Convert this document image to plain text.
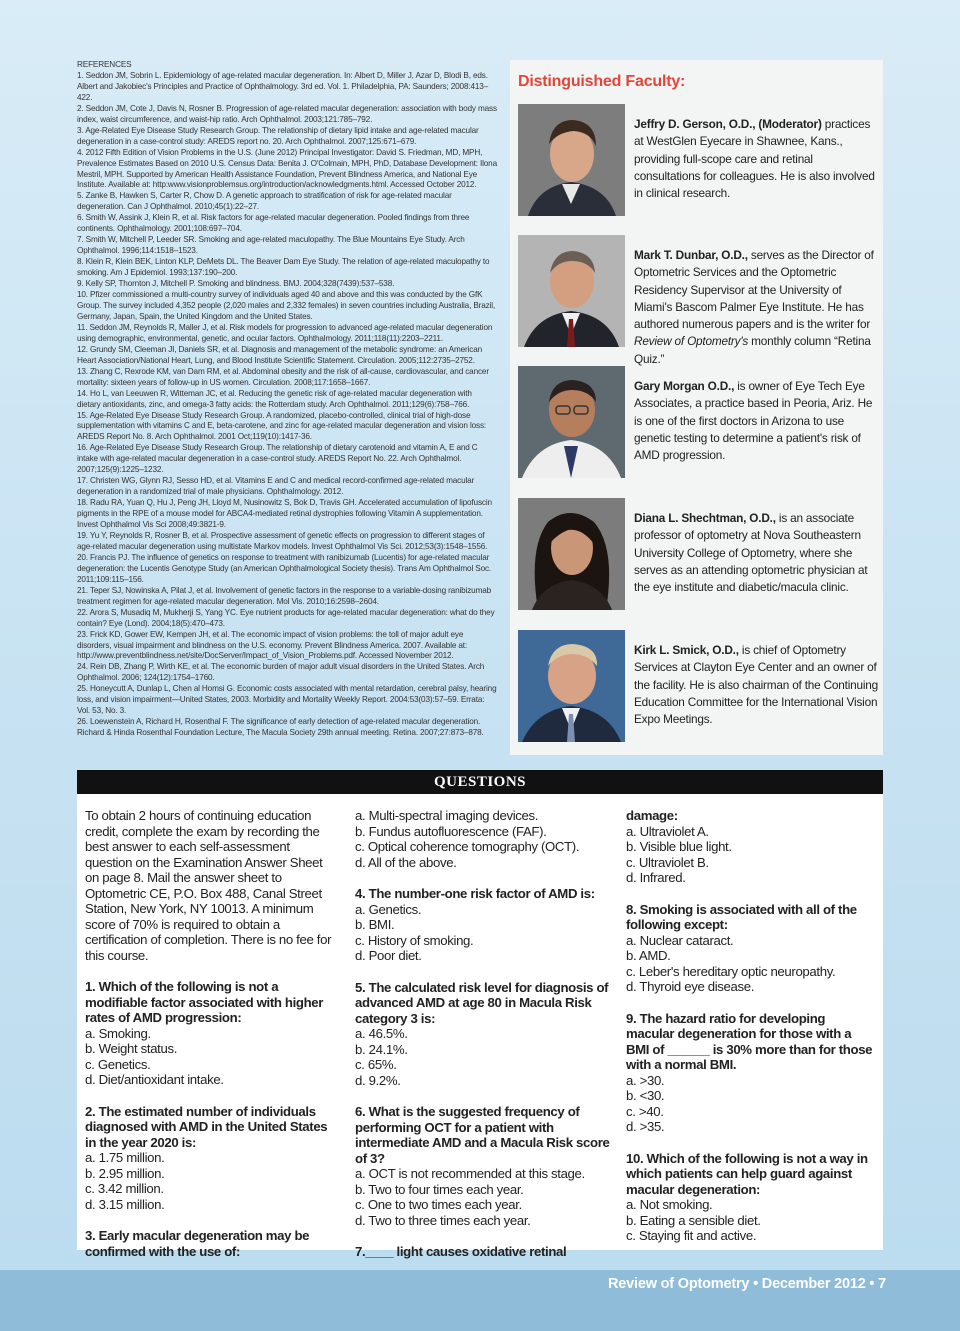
REFERENCES

1. Seddon JM, Sobrin L. Epidemiology of age-related macular degeneration. In: Albert D, Miller J, Azar D, Blodi B, eds. Albert and Jakobiec's Principles and Practice of Ophthalmology. 3rd ed. Vol. 1. Philadelphia, PA: Saunders; 2008:413–422.

2. Seddon JM, Cote J, Davis N, Rosner B. Progression of age-related macular degeneration: association with body mass index, waist circumference, and waist-hip ratio. Arch Ophthalmol. 2003;121:785–792.

3. Age-Related Eye Disease Study Research Group. The relationship of dietary lipid intake and age-related macular degeneration in a case-control study: AREDS report no. 20. Arch Ophthalmol. 2007;125:671–679.

4. 2012 Fifth Edition of Vision Problems in the U.S. (June 2012) Principal Investigator: David S. Friedman, MD, MPH, Prevalence Estimates Based on 2010 U.S. Census Data: Benita J. O'Colmain, MPH, PhD, Database Development: Ilona Mestril, MPH. Supported by American Health Assistance Foundation, Prevent Blindness America, and National Eye Institute. Available at: http:www.visionproblemsus.org/introduction/acknowledgments.html. Accessed October 2012.

5. Zanke B, Hawken S, Carter R, Chow D. A genetic approach to stratification of risk for age-related macular degeneration. Can J Ophthalmol. 2010;45(1):22–27.

6. Smith W, Assink J, Klein R, et al. Risk factors for age-related macular degeneration. Pooled findings from three continents. Ophthalmology. 2001;108:697–704.

7. Smith W, Mitchell P, Leeder SR. Smoking and age-related maculopathy. The Blue Mountains Eye Study. Arch Ophthalmol. 1996;114:1518–1523.

8. Klein R, Klein BEK, Linton KLP, DeMets DL. The Beaver Dam Eye Study. The relation of age-related maculopathy to smoking. Am J Epidemiol. 1993;137:190–200.

9. Kelly SP, Thornton J, Mitchell P. Smoking and blindness. BMJ. 2004;328(7439):537–538.

10. Pfizer commissioned a multi-country survey of individuals aged 40 and above and this was conducted by the GfK Group. The survey included 4,352 people (2,020 males and 2,332 females) in seven countries including Australia, Brazil, Germany, Japan, Spain, the United Kingdom and the United States.

11. Seddon JM, Reynolds R, Maller J, et al. Risk models for progression to advanced age-related macular degeneration using demographic, environmental, genetic, and ocular factors. Ophthalmology. 2011;118(11):2203–2211.

12. Grundy SM, Cleeman JI, Daniels SR, et al. Diagnosis and management of the metabolic syndrome: an American Heart Association/National Heart, Lung, and Blood Institute Scientific Statement. Circulation. 2005;112:2735–2752.

13. Zhang C, Rexrode KM, van Dam RM, et al. Abdominal obesity and the risk of all-cause, cardiovascular, and cancer mortality: sixteen years of follow-up in US women. Circulation. 2008;117:1658–1667.

14. Ho L, van Leeuwen R, Witteman JC, et al. Reducing the genetic risk of age-related macular degeneration with dietary antioxidants, zinc, and omega-3 fatty acids: the Rotterdam study. Arch Ophthalmol. 2011;129(6):758–766.

15. Age-Related Eye Disease Study Research Group. A randomized, placebo-controlled, clinical trial of high-dose supplementation with vitamins C and E, beta-carotene, and zinc for age-related macular degeneration and vision loss: AREDS Report No. 8. Arch Ophthalmol. 2001 Oct;119(10):1417-36.

16. Age-Related Eye Disease Study Research Group. The relationship of dietary carotenoid and vitamin A, E and C intake with age-related macular degeneration in a case-control study. AREDS Report No. 22. Arch Ophthalmol. 2007;125(9):1225–1232.

17. Christen WG, Glynn RJ, Sesso HD, et al. Vitamins E and C and medical record-confirmed age-related macular degeneration in a randomized trial of male physicians. Ophthalmology. 2012.

18. Radu RA, Yuan Q, Hu J, Peng JH, Lloyd M, Nusinowitz S, Bok D, Travis GH. Accelerated accumulation of lipofuscin pigments in the RPE of a mouse model for ABCA4-mediated retinal dystrophies following Vitamin A supplementation. Invest Ophthalmol Vis Sci 2008;49:3821-9.

19. Yu Y, Reynolds R, Rosner B, et al. Prospective assessment of genetic effects on progression to different stages of age-related macular degeneration using multistate Markov models. Invest Ophthalmol Vis Sci. 2012;53(3):1548–1556.

20. Francis PJ. The influence of genetics on response to treatment with ranibizumab (Lucentis) for age-related macular degeneration: the Lucentis Genotype Study (an American Ophthalmological Society thesis). Trans Am Ophthalmol Soc. 2011;109:115–156.

21. Teper SJ, Nowinska A, Pilat J, et al. Involvement of genetic factors in the response to a variable-dosing ranibizumab treatment regimen for age-related macular degeneration. Mol Vis. 2010;16:2598–2604.

22. Arora S, Musadiq M, Mukherji S, Yang YC. Eye nutrient products for age-related macular degeneration: what do they contain? Eye (Lond). 2004;18(5):470–473.

23. Frick KD, Gower EW, Kempen JH, et al. The economic impact of vision problems: the toll of major adult eye disorders, visual impairment and blindness on the U.S. economy. Prevent Blindness America. 2007. Available at: http://www.preventblindness.net/site/DocServer/Impact_of_Vision_Problems.pdf. Accessed November 2012.

24. Rein DB, Zhang P, Wirth KE, et al. The economic burden of major adult visual disorders in the United States. Arch Ophthalmol. 2006; 124(12):1754–1760.

25. Honeycutt A, Dunlap L, Chen al Homsi G. Economic costs associated with mental retardation, cerebral palsy, hearing loss, and vision impairment—United States, 2003. Morbidity and Mortality Weekly Report. 2004:53(03):57–59. Errata: Vol. 53, No. 3.

26. Loewenstein A, Richard H, Rosenthal F. The significance of early detection of age-related macular degeneration. Richard & Hinda Rosenthal Foundation Lecture, The Macula Society 29th annual meeting. Retina. 2007;27:873–878.

Distinguished Faculty:
Jeffry D. Gerson, O.D., (Moderator) practices at WestGlen Eyecare in Shawnee, Kans., providing full-scope care and retinal consultations for colleagues. He is also involved in clinical research.
Mark T. Dunbar, O.D., serves as the Director of Optometric Services and the Optometric Residency Supervisor at the University of Miami's Bascom Palmer Eye Institute. He has authored numerous papers and is the writer for Review of Optometry's monthly column “Retina Quiz.”
Gary Morgan O.D., is owner of Eye Tech Eye Associates, a practice based in Peoria, Ariz. He is one of the first doctors in Arizona to use genetic testing to determine a patient's risk of AMD progression.
Diana L. Shechtman, O.D., is an associate professor of optometry at Nova Southeastern University College of Optometry, where she serves as an attending optometric physician at the eye institute and diabetic/macula clinic.
Kirk L. Smick, O.D., is chief of Optometry Services at Clayton Eye Center and an owner of the facility. He is also chairman of the Continuing Education Committee for the International Vision Expo Meetings.
QUESTIONS
To obtain 2 hours of continuing education credit, complete the exam by recording the best answer to each self-assessment question on the Examination Answer Sheet on page 8. Mail the answer sheet to Optometric CE, P.O. Box 488, Canal Street Station, New York, NY 10013. A minimum score of 70% is required to obtain a certification of completion. There is no fee for this course.
1. Which of the following is not a modifiable factor associated with higher rates of AMD progression:
a. Smoking.
b. Weight status.
c. Genetics.
d. Diet/antioxidant intake.
2. The estimated number of individuals diagnosed with AMD in the United States in the year 2020 is:
a. 1.75 million.
b. 2.95 million.
c. 3.42 million.
d. 3.15 million.
3. Early macular degeneration may be confirmed with the use of:
a. Multi-spectral imaging devices.
b. Fundus autofluorescence (FAF).
c. Optical coherence tomography (OCT).
d. All of the above.
4. The number-one risk factor of AMD is:
a. Genetics.
b. BMI.
c. History of smoking.
d. Poor diet.
5. The calculated risk level for diagnosis of advanced AMD at age 80 in Macula Risk category 3 is:
a. 46.5%.
b. 24.1%.
c. 65%.
d. 9.2%.
6. What is the suggested frequency of performing OCT for a patient with intermediate AMD and a Macula Risk score of 3?
a. OCT is not recommended at this stage.
b. Two to four times each year.
c. One to two times each year.
d. Two to three times each year.
7.____ light causes oxidative retinal
damage:
a. Ultraviolet A.
b. Visible blue light.
c. Ultraviolet B.
d. Infrared.
8. Smoking is associated with all of the following except:
a. Nuclear cataract.
b. AMD.
c. Leber's hereditary optic neuropathy.
d. Thyroid eye disease.
9. The hazard ratio for developing macular degeneration for those with a BMI of ______ is 30% more than for those with a normal BMI.
a. >30.
b. <30.
c. >40.
d. >35.
10. Which of the following is not a way in which patients can help guard against macular degeneration:
a. Not smoking.
b. Eating a sensible diet.
c. Staying fit and active.
Review of Optometry • December 2012 • 7
